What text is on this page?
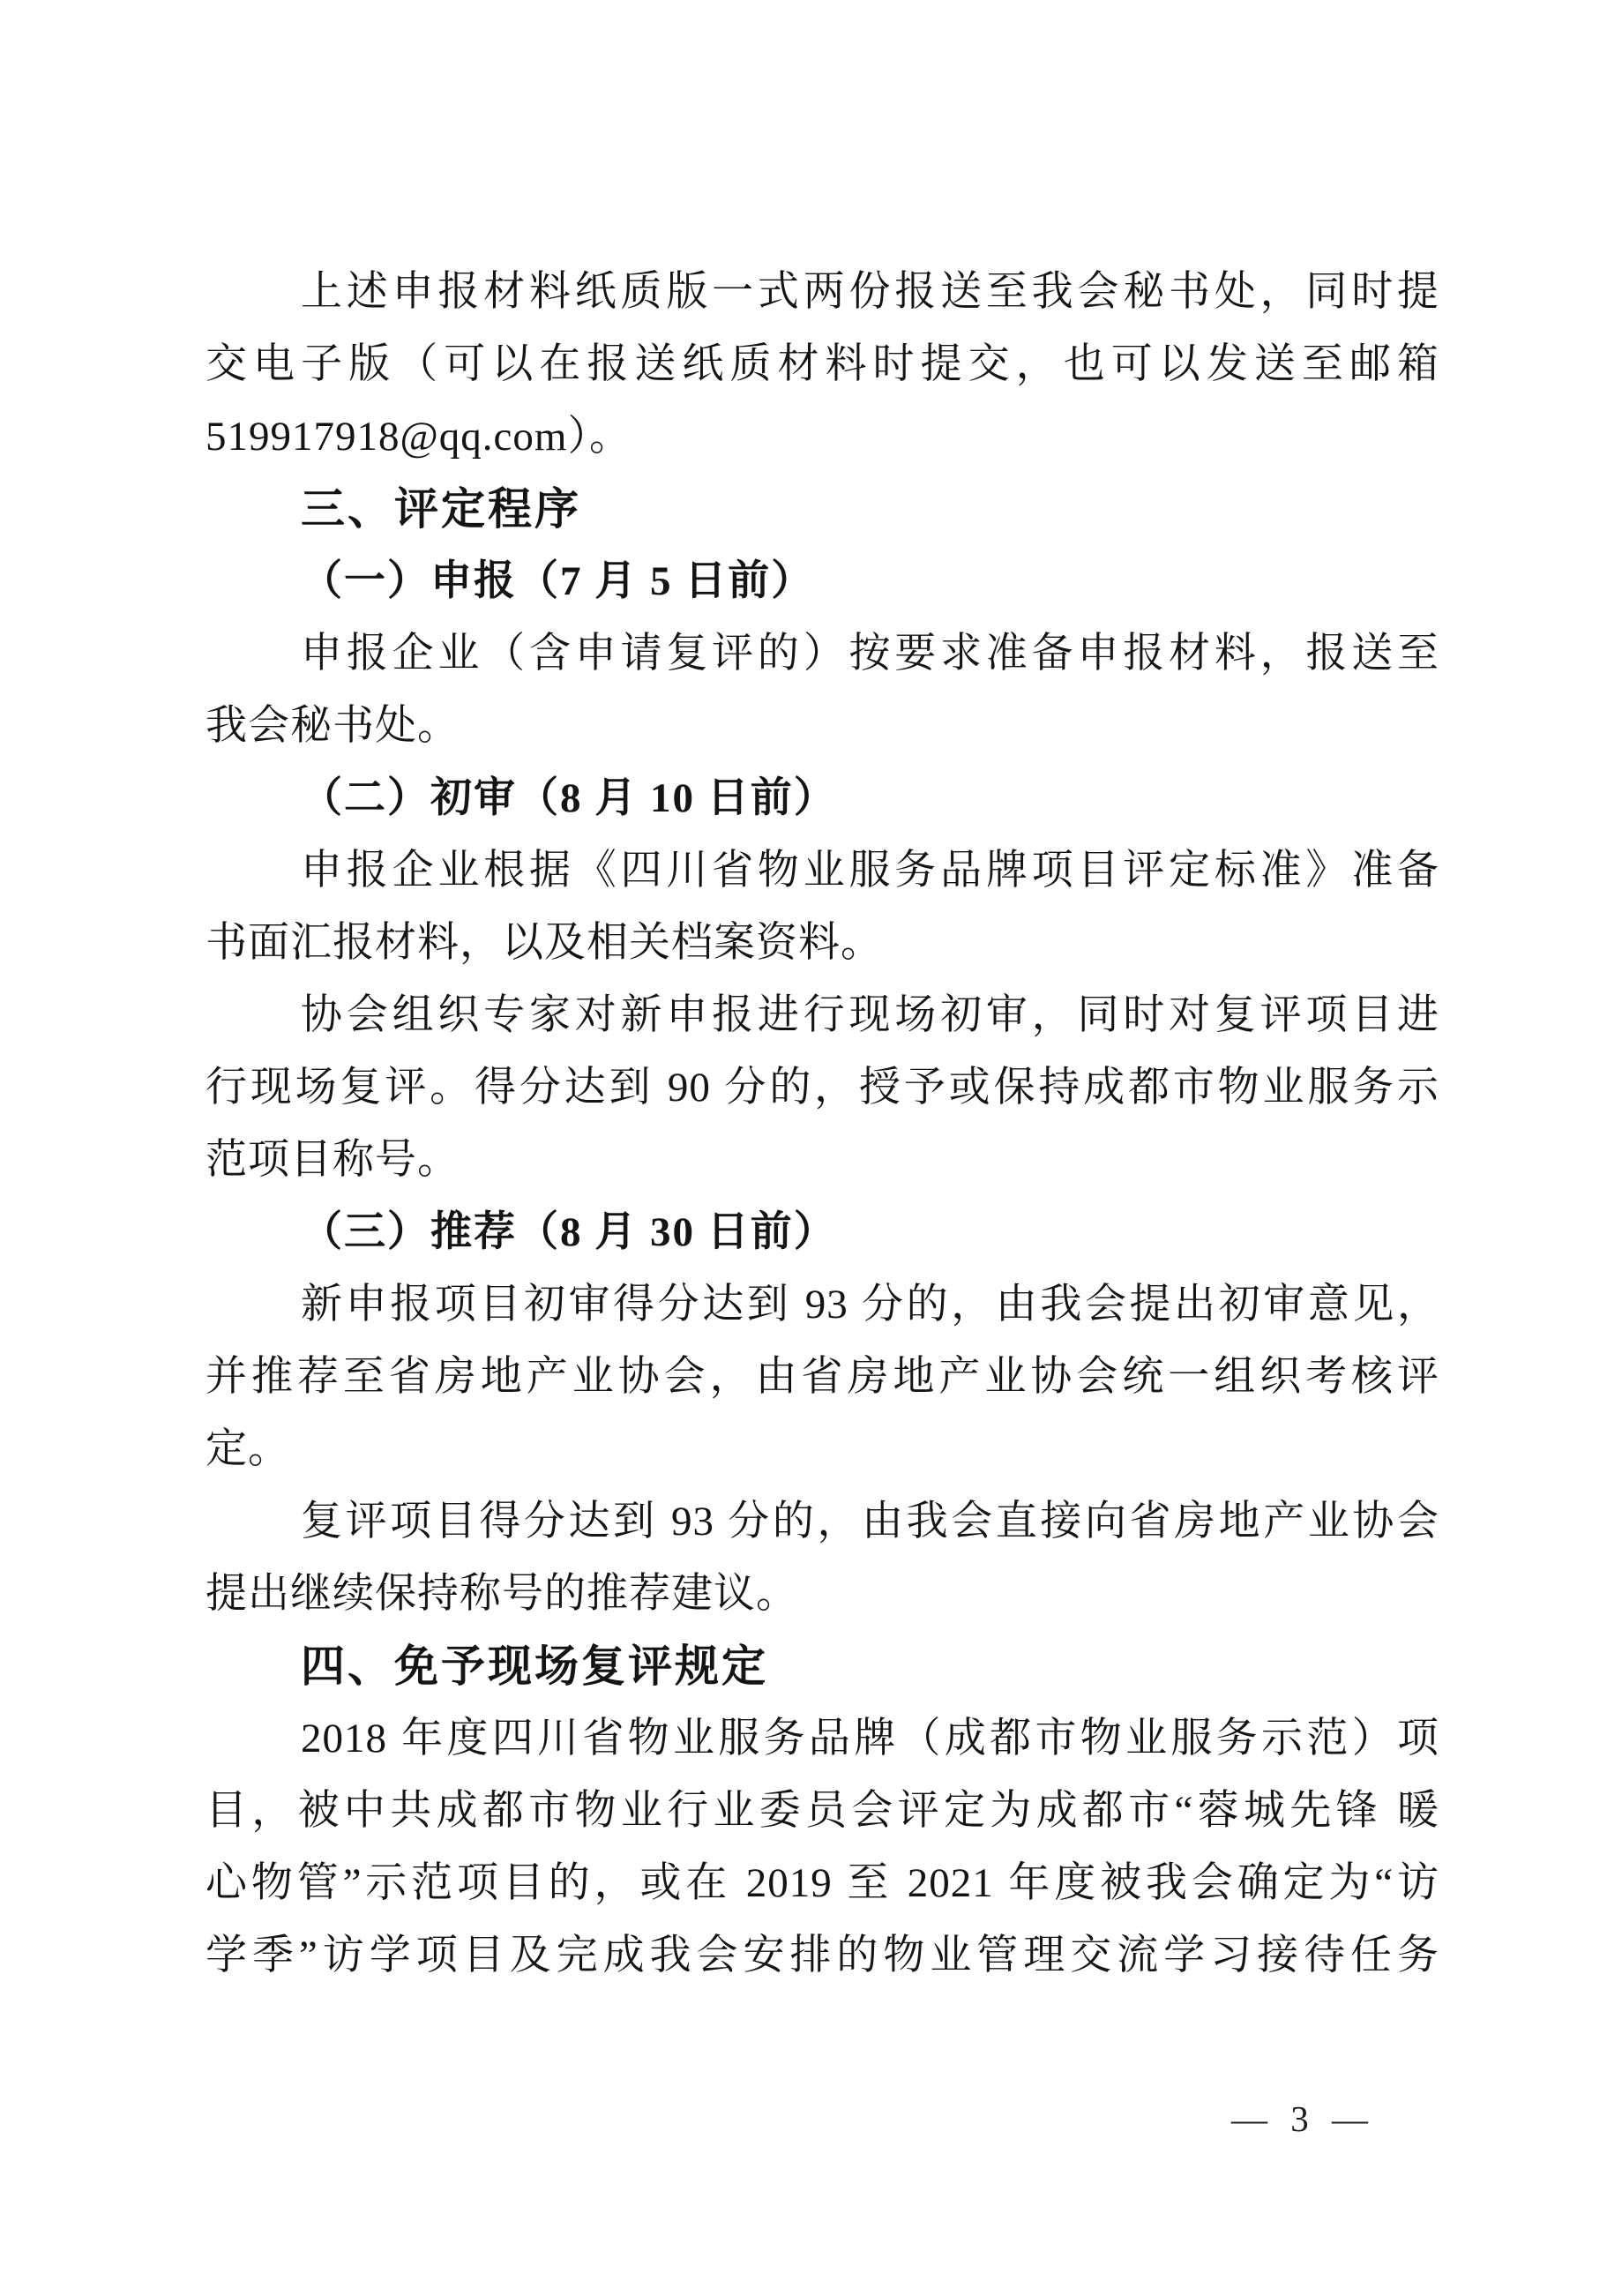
上述申报材料纸质版一式两份报送至我会秘书处，同时提
交电子版（可以在报送纸质材料时提交，也可以发送至邮箱
519917918@qq.com）。
三、评定程序
（一）申报（7 月 5 日前）
申报企业（含申请复评的）按要求准备申报材料，报送至
我会秘书处。
（二）初审（8 月 10 日前）
申报企业根据《四川省物业服务品牌项目评定标准》准备
书面汇报材料，以及相关档案资料。
协会组织专家对新申报进行现场初审，同时对复评项目进
行现场复评。得分达到 90 分的，授予或保持成都市物业服务示
范项目称号。
（三）推荐（8 月 30 日前）
新申报项目初审得分达到 93 分的，由我会提出初审意见，
并推荐至省房地产业协会，由省房地产业协会统一组织考核评
定。
复评项目得分达到 93 分的，由我会直接向省房地产业协会
提出继续保持称号的推荐建议。
四、免予现场复评规定
2018 年度四川省物业服务品牌（成都市物业服务示范）项
目，被中共成都市物业行业委员会评定为成都市“蓉城先锋 暖
心物管”示范项目的，或在 2019 至 2021 年度被我会确定为“访
学季”访学项目及完成我会安排的物业管理交流学习接待任务
— 3 —
